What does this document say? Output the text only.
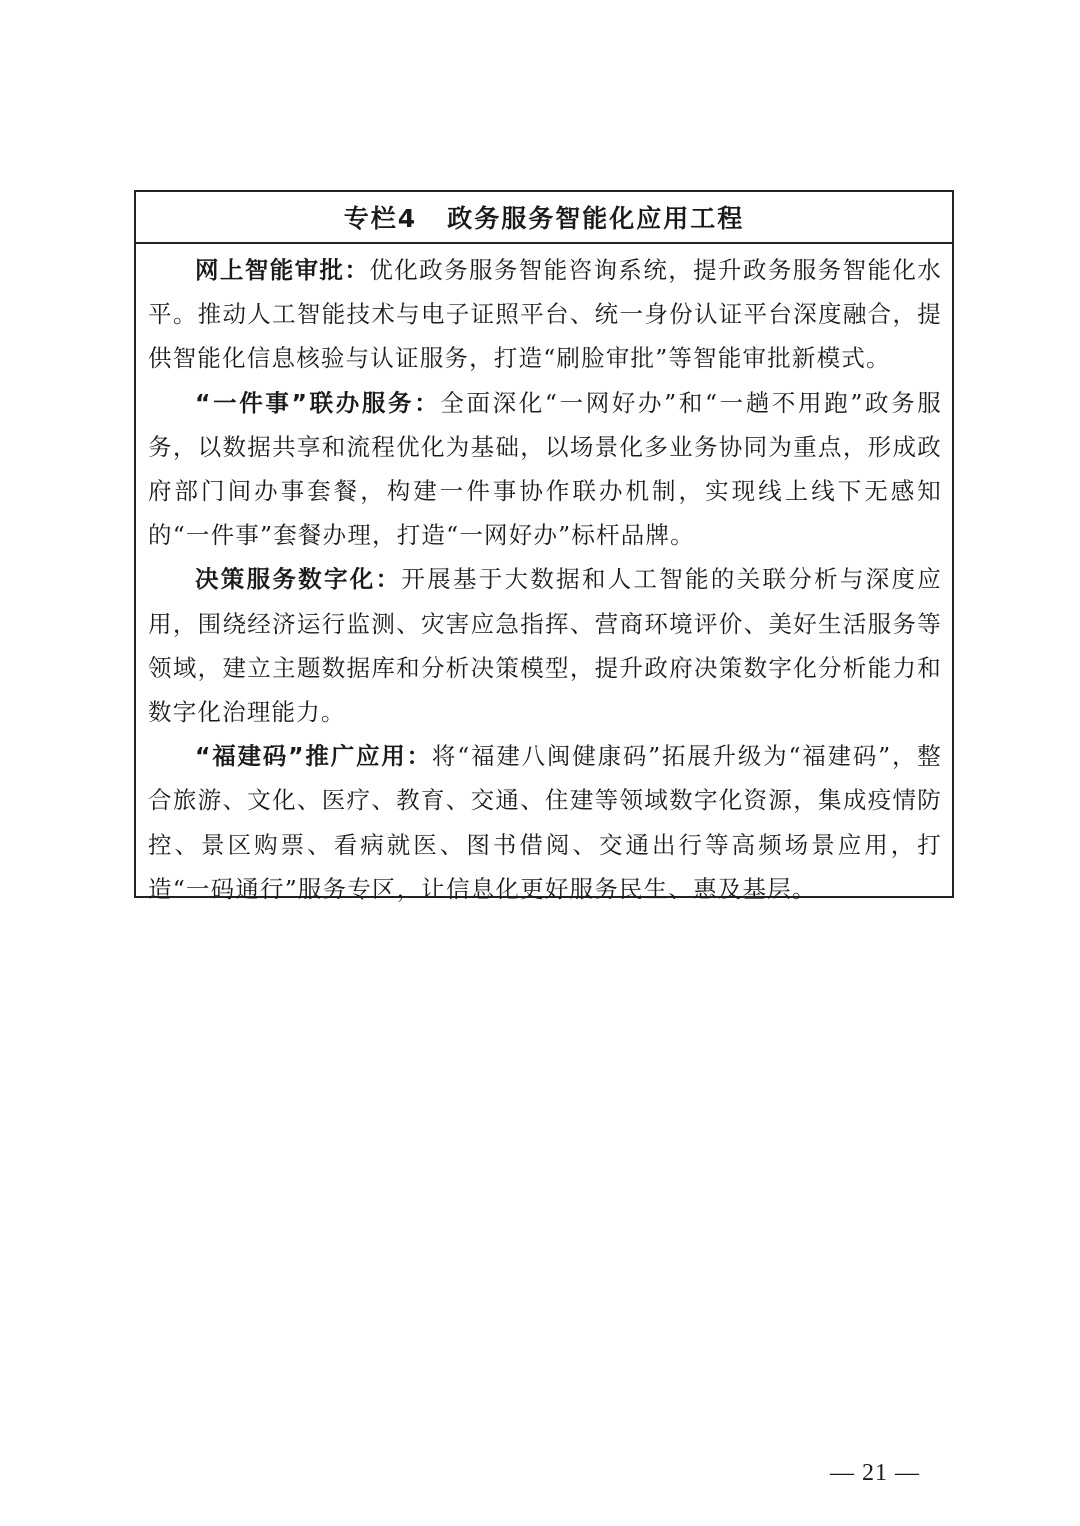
专栏4 政务服务智能化应用工程

网上智能审批：优化政务服务智能咨询系统，提升政务服务智能化水平。推动人工智能技术与电子证照平台、统一身份认证平台深度融合，提供智能化信息核验与认证服务，打造“刷脸审批”等智能审批新模式。

“一件事”联办服务：全面深化“一网好办”和“一趟不用跑”政务服务，以数据共享和流程优化为基础，以场景化多业务协同为重点，形成政府部门间办事套餐，构建一件事协作联办机制，实现线上线下无感知的“一件事”套餐办理，打造“一网好办”标杆品牌。

决策服务数字化：开展基于大数据和人工智能的关联分析与深度应用，围绕经济运行监测、灾害应急指挥、营商环境评价、美好生活服务等领域，建立主题数据库和分析决策模型，提升政府决策数字化分析能力和数字化治理能力。

“福建码”推广应用：将“福建八闽健康码”拓展升级为“福建码”，整合旅游、文化、医疗、教育、交通、住建等领域数字化资源，集成疫情防控、景区购票、看病就医、图书借阅、交通出行等高频场景应用，打造“一码通行”服务专区，让信息化更好服务民生、惠及基层。

— 21 —
